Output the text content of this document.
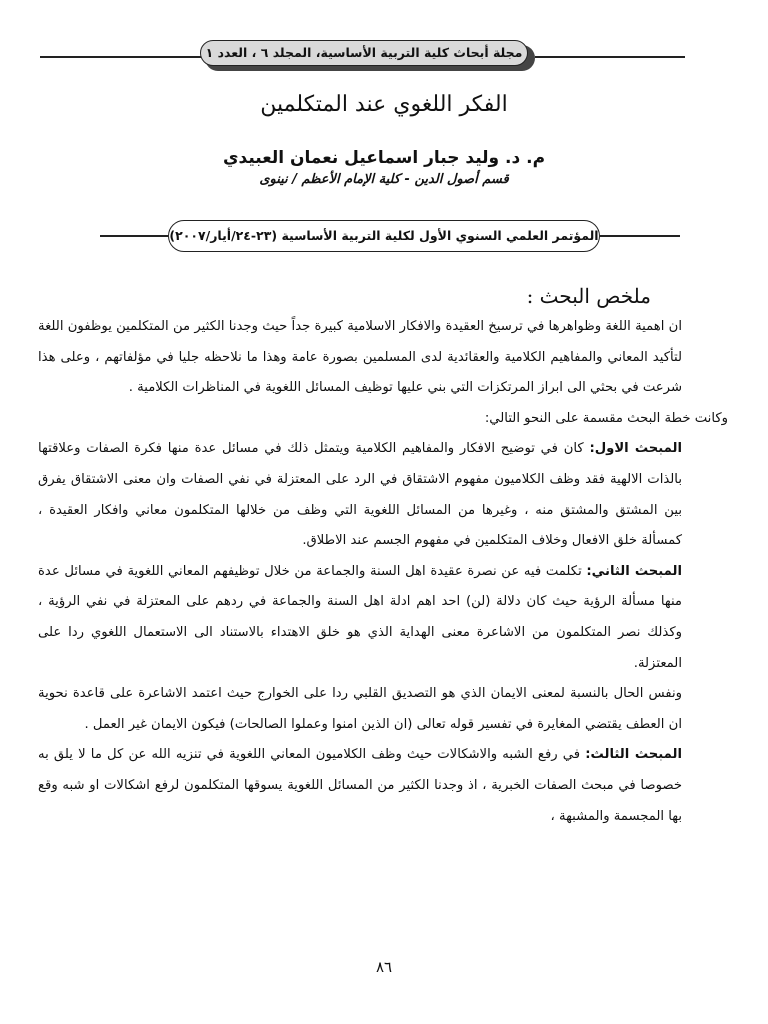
مجلة أبحاث كلية التربية الأساسية، المجلد ٦ ، العدد ١
الفكر اللغوي عند المتكلمين
م. د. وليد جبار اسماعيل نعمان العبيدي
قسم أصول الدين - كلية الإمام الأعظم / نينوى
المؤتمر العلمي السنوي الأول لكلية التربية الأساسية (٢٣-٢٤/أيار/٢٠٠٧)
ملخص البحث :

ان اهمية اللغة وظواهرها في ترسيخ العقيدة والافكار الاسلامية كبيرة جداً حيث وجدنا الكثير من المتكلمين يوظفون اللغة لتأكيد المعاني والمفاهيم الكلامية والعقائدية لدى المسلمين بصورة عامة وهذا ما نلاحظه جليا في مؤلفاتهم ، وعلى هذا شرعت في بحثي الى ابراز المرتكزات التي بني عليها توظيف المسائل اللغوية في المناظرات الكلامية .

وكانت خطة البحث مقسمة على النحو التالي:

المبحث الاول: كان في توضيح الافكار والمفاهيم الكلامية ويتمثل ذلك في مسائل عدة منها فكرة الصفات وعلاقتها بالذات الالهية فقد وظف الكلاميون مفهوم الاشتقاق في الرد على المعتزلة في نفي الصفات وان معنى الاشتقاق يفرق بين المشتق والمشتق منه ، وغيرها من المسائل اللغوية التي وظف من خلالها المتكلمون معاني وافكار العقيدة ، كمسألة خلق الافعال وخلاف المتكلمين في مفهوم الجسم عند الاطلاق.

المبحث الثاني: تكلمت فيه عن نصرة عقيدة اهل السنة والجماعة من خلال توظيفهم المعاني اللغوية في مسائل عدة منها مسألة الرؤية حيث كان دلالة (لن) احد اهم ادلة اهل السنة والجماعة في ردهم على المعتزلة في نفي الرؤية ، وكذلك نصر المتكلمون من الاشاعرة معنى الهداية الذي هو خلق الاهتداء بالاستناد الى الاستعمال اللغوي ردا على المعتزلة.

ونفس الحال بالنسبة لمعنى الايمان الذي هو التصديق القلبي ردا على الخوارج حيث اعتمد الاشاعرة على قاعدة نحوية ان العطف يقتضي المغايرة في تفسير قوله تعالى (ان الذين امنوا وعملوا الصالحات) فيكون الايمان غير العمل .

المبحث الثالث: في رفع الشبه والاشكالات حيث وظف الكلاميون المعاني اللغوية في تنزيه الله عن كل ما لا يلق به خصوصا في مبحث الصفات الخبرية ، اذ وجدنا الكثير من المسائل اللغوية يسوقها المتكلمون لرفع اشكالات او شبه وقع بها المجسمة والمشبهة ،

٨٦
